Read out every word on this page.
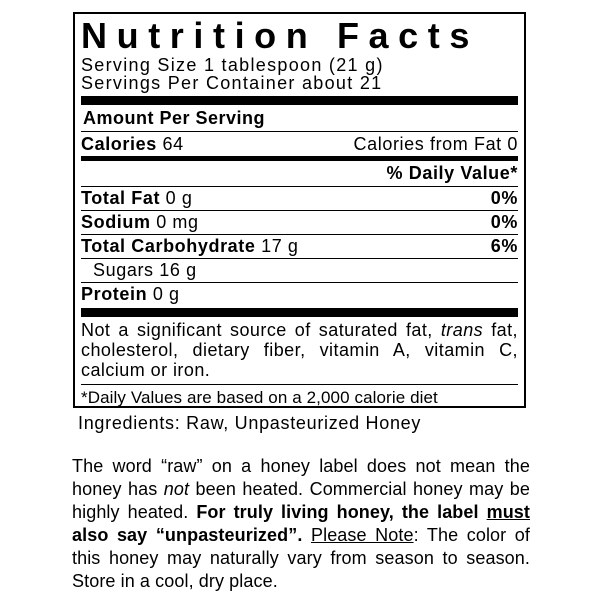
Nutrition Facts
Serving Size 1 tablespoon (21 g)
Servings Per Container about 21
Amount Per Serving
Calories 64	Calories from Fat 0
% Daily Value*
Total Fat 0 g	0%
Sodium 0 mg	0%
Total Carbohydrate 17 g	6%
Sugars 16 g
Protein 0 g
Not a significant source of saturated fat, trans fat, cholesterol, dietary fiber, vitamin A, vitamin C, calcium or iron.
*Daily Values are based on a 2,000 calorie diet
Ingredients: Raw, Unpasteurized Honey
The word “raw” on a honey label does not mean the honey has not been heated. Commercial honey may be highly heated. For truly living honey, the label must also say “unpasteurized”. Please Note: The color of this honey may naturally vary from season to season. Store in a cool, dry place.
